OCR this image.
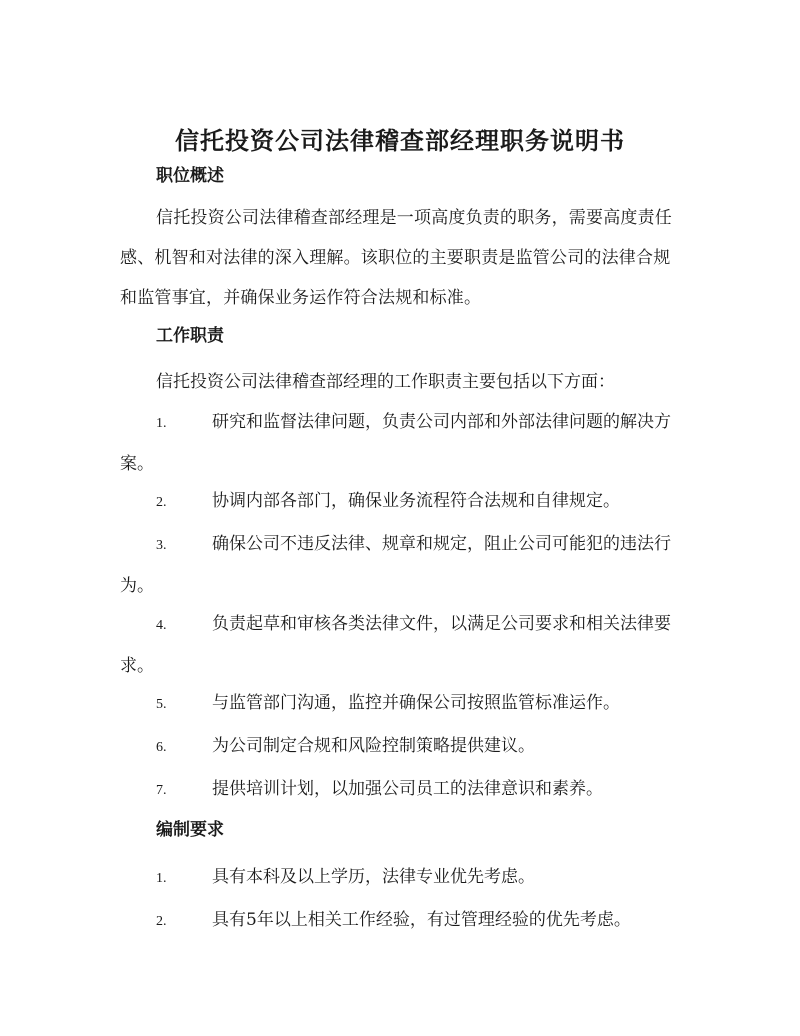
信托投资公司法律稽查部经理职务说明书
职位概述
信托投资公司法律稽查部经理是一项高度负责的职务，需要高度责任感、机智和对法律的深入理解。该职位的主要职责是监管公司的法律合规和监管事宜，并确保业务运作符合法规和标准。
工作职责
信托投资公司法律稽查部经理的工作职责主要包括以下方面：
1.	研究和监督法律问题，负责公司内部和外部法律问题的解决方案。
2.	协调内部各部门，确保业务流程符合法规和自律规定。
3.	确保公司不违反法律、规章和规定，阻止公司可能犯的违法行为。
4.	负责起草和审核各类法律文件，以满足公司要求和相关法律要求。
5.	与监管部门沟通，监控并确保公司按照监管标准运作。
6.	为公司制定合规和风险控制策略提供建议。
7.	提供培训计划，以加强公司员工的法律意识和素养。
编制要求
1.	具有本科及以上学历，法律专业优先考虑。
2.	具有5年以上相关工作经验，有过管理经验的优先考虑。
